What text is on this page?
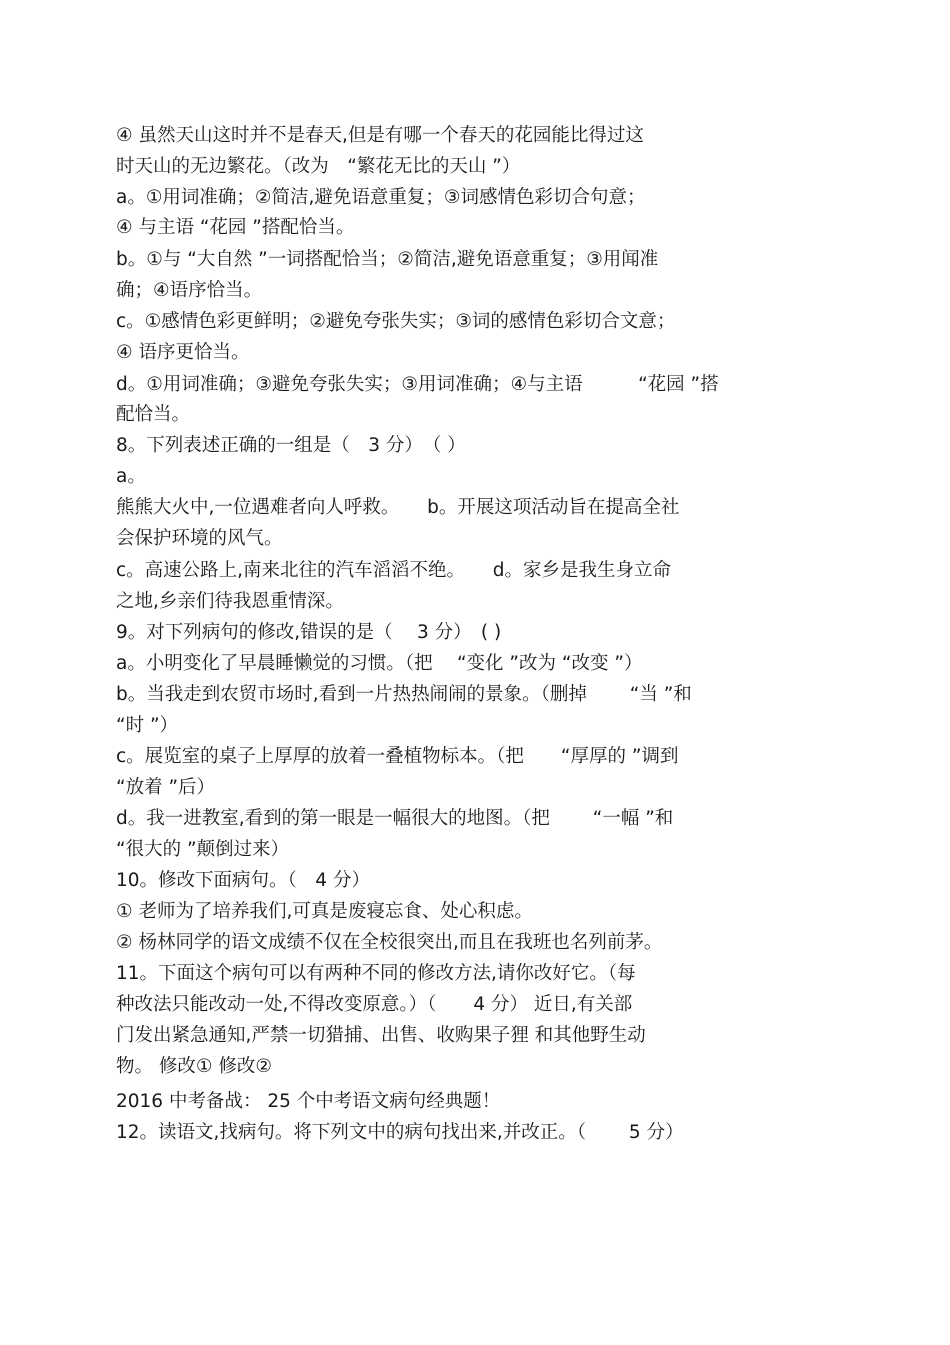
④ 虽然天山这时并不是春天,但是有哪一个春天的花园能比得过这
时天山的无边繁花。（改为　“繁花无比的天山 ”）
a。①用词准确；②简洁,避免语意重复；③词感情色彩切合句意；
④ 与主语 “花园 ”搭配恰当。
b。①与 “大自然 ”一词搭配恰当；②简洁,避免语意重复；③用闻准
确；④语序恰当。
c。①感情色彩更鲜明；②避免夸张失实；③词的感情色彩切合文意；
④ 语序更恰当。
d。①用词准确；③避免夸张失实；③用词准确；④与主语　　　“花园 ”搭
配恰当。
8。下列表述正确的一组是（　3 分）　（ ）
a。
熊熊大火中,一位遇难者向人呼救。　　b。开展这项活动旨在提高全社
会保护环境的风气。
c。高速公路上,南来北往的汽车滔滔不绝。　　d。家乡是我生身立命
之地,乡亲们待我恩重情深。
9。对下列病句的修改,错误的是（　 3 分）　( )
a。小明变化了早晨睡懒觉的习惯。（把　 “变化 ”改为 “改变 ”）
b。当我走到农贸市场时,看到一片热热闹闹的景象。（删掉　　 “当 ”和
“时 ”）
c。展览室的桌子上厚厚的放着一叠植物标本。（把　　“厚厚的 ”调到
“放着 ”后）
d。我一进教室,看到的第一眼是一幅很大的地图。（把　　 “一幅 ”和
“很大的 ”颠倒过来）
10。修改下面病句。（　4 分）
① 老师为了培养我们,可真是废寝忘食、处心积虑。
② 杨林同学的语文成绩不仅在全校很突出,而且在我班也名列前茅。
11。下面这个病句可以有两种不同的修改方法,请你改好它。（每
种改法只能改动一处,不得改变原意。）（　　4 分） 近日,有关部
门发出紧急通知,严禁一切猎捕、出售、收购果子狸 和其他野生动
物。 修改① 修改②
2016 中考备战： 25 个中考语文病句经典题！
12。读语文,找病句。将下列文中的病句找出来,并改正。（　　 5 分）
